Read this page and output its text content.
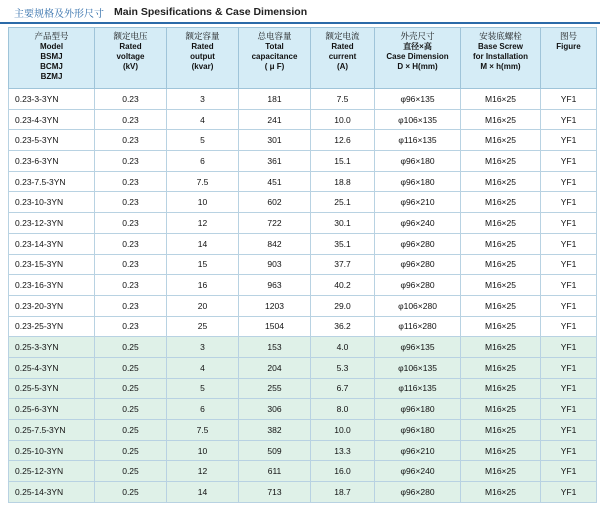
主要规格及外形尺寸 Main Spesifications & Case Dimension
产品型号
Model
BSMJ
BCMJ
BZMJ	额定电压
Rated
voltage
(kV)	额定容量
Rated
output
(kvar)	总电容量
Total
capacitance
( μ F)	额定电流
Rated
current
(A)	外壳尺寸
直径×高
Case Dimension
D × H(mm)	安装底螺栓
Base Screw
for Installation
M × h(mm)	图号
Figure

0.23-3-3YN	0.23	3	181	7.5	φ96×135	M16×25	YF1
0.23-4-3YN	0.23	4	241	10.0	φ106×135	M16×25	YF1
0.23-5-3YN	0.23	5	301	12.6	φ116×135	M16×25	YF1
0.23-6-3YN	0.23	6	361	15.1	φ96×180	M16×25	YF1
0.23-7.5-3YN	0.23	7.5	451	18.8	φ96×180	M16×25	YF1
0.23-10-3YN	0.23	10	602	25.1	φ96×210	M16×25	YF1
0.23-12-3YN	0.23	12	722	30.1	φ96×240	M16×25	YF1
0.23-14-3YN	0.23	14	842	35.1	φ96×280	M16×25	YF1
0.23-15-3YN	0.23	15	903	37.7	φ96×280	M16×25	YF1
0.23-16-3YN	0.23	16	963	40.2	φ96×280	M16×25	YF1
0.23-20-3YN	0.23	20	1203	29.0	φ106×280	M16×25	YF1
0.23-25-3YN	0.23	25	1504	36.2	φ116×280	M16×25	YF1
0.25-3-3YN	0.25	3	153	4.0	φ96×135	M16×25	YF1
0.25-4-3YN	0.25	4	204	5.3	φ106×135	M16×25	YF1
0.25-5-3YN	0.25	5	255	6.7	φ116×135	M16×25	YF1
0.25-6-3YN	0.25	6	306	8.0	φ96×180	M16×25	YF1
0.25-7.5-3YN	0.25	7.5	382	10.0	φ96×180	M16×25	YF1
0.25-10-3YN	0.25	10	509	13.3	φ96×210	M16×25	YF1
0.25-12-3YN	0.25	12	611	16.0	φ96×240	M16×25	YF1
0.25-14-3YN	0.25	14	713	18.7	φ96×280	M16×25	YF1
